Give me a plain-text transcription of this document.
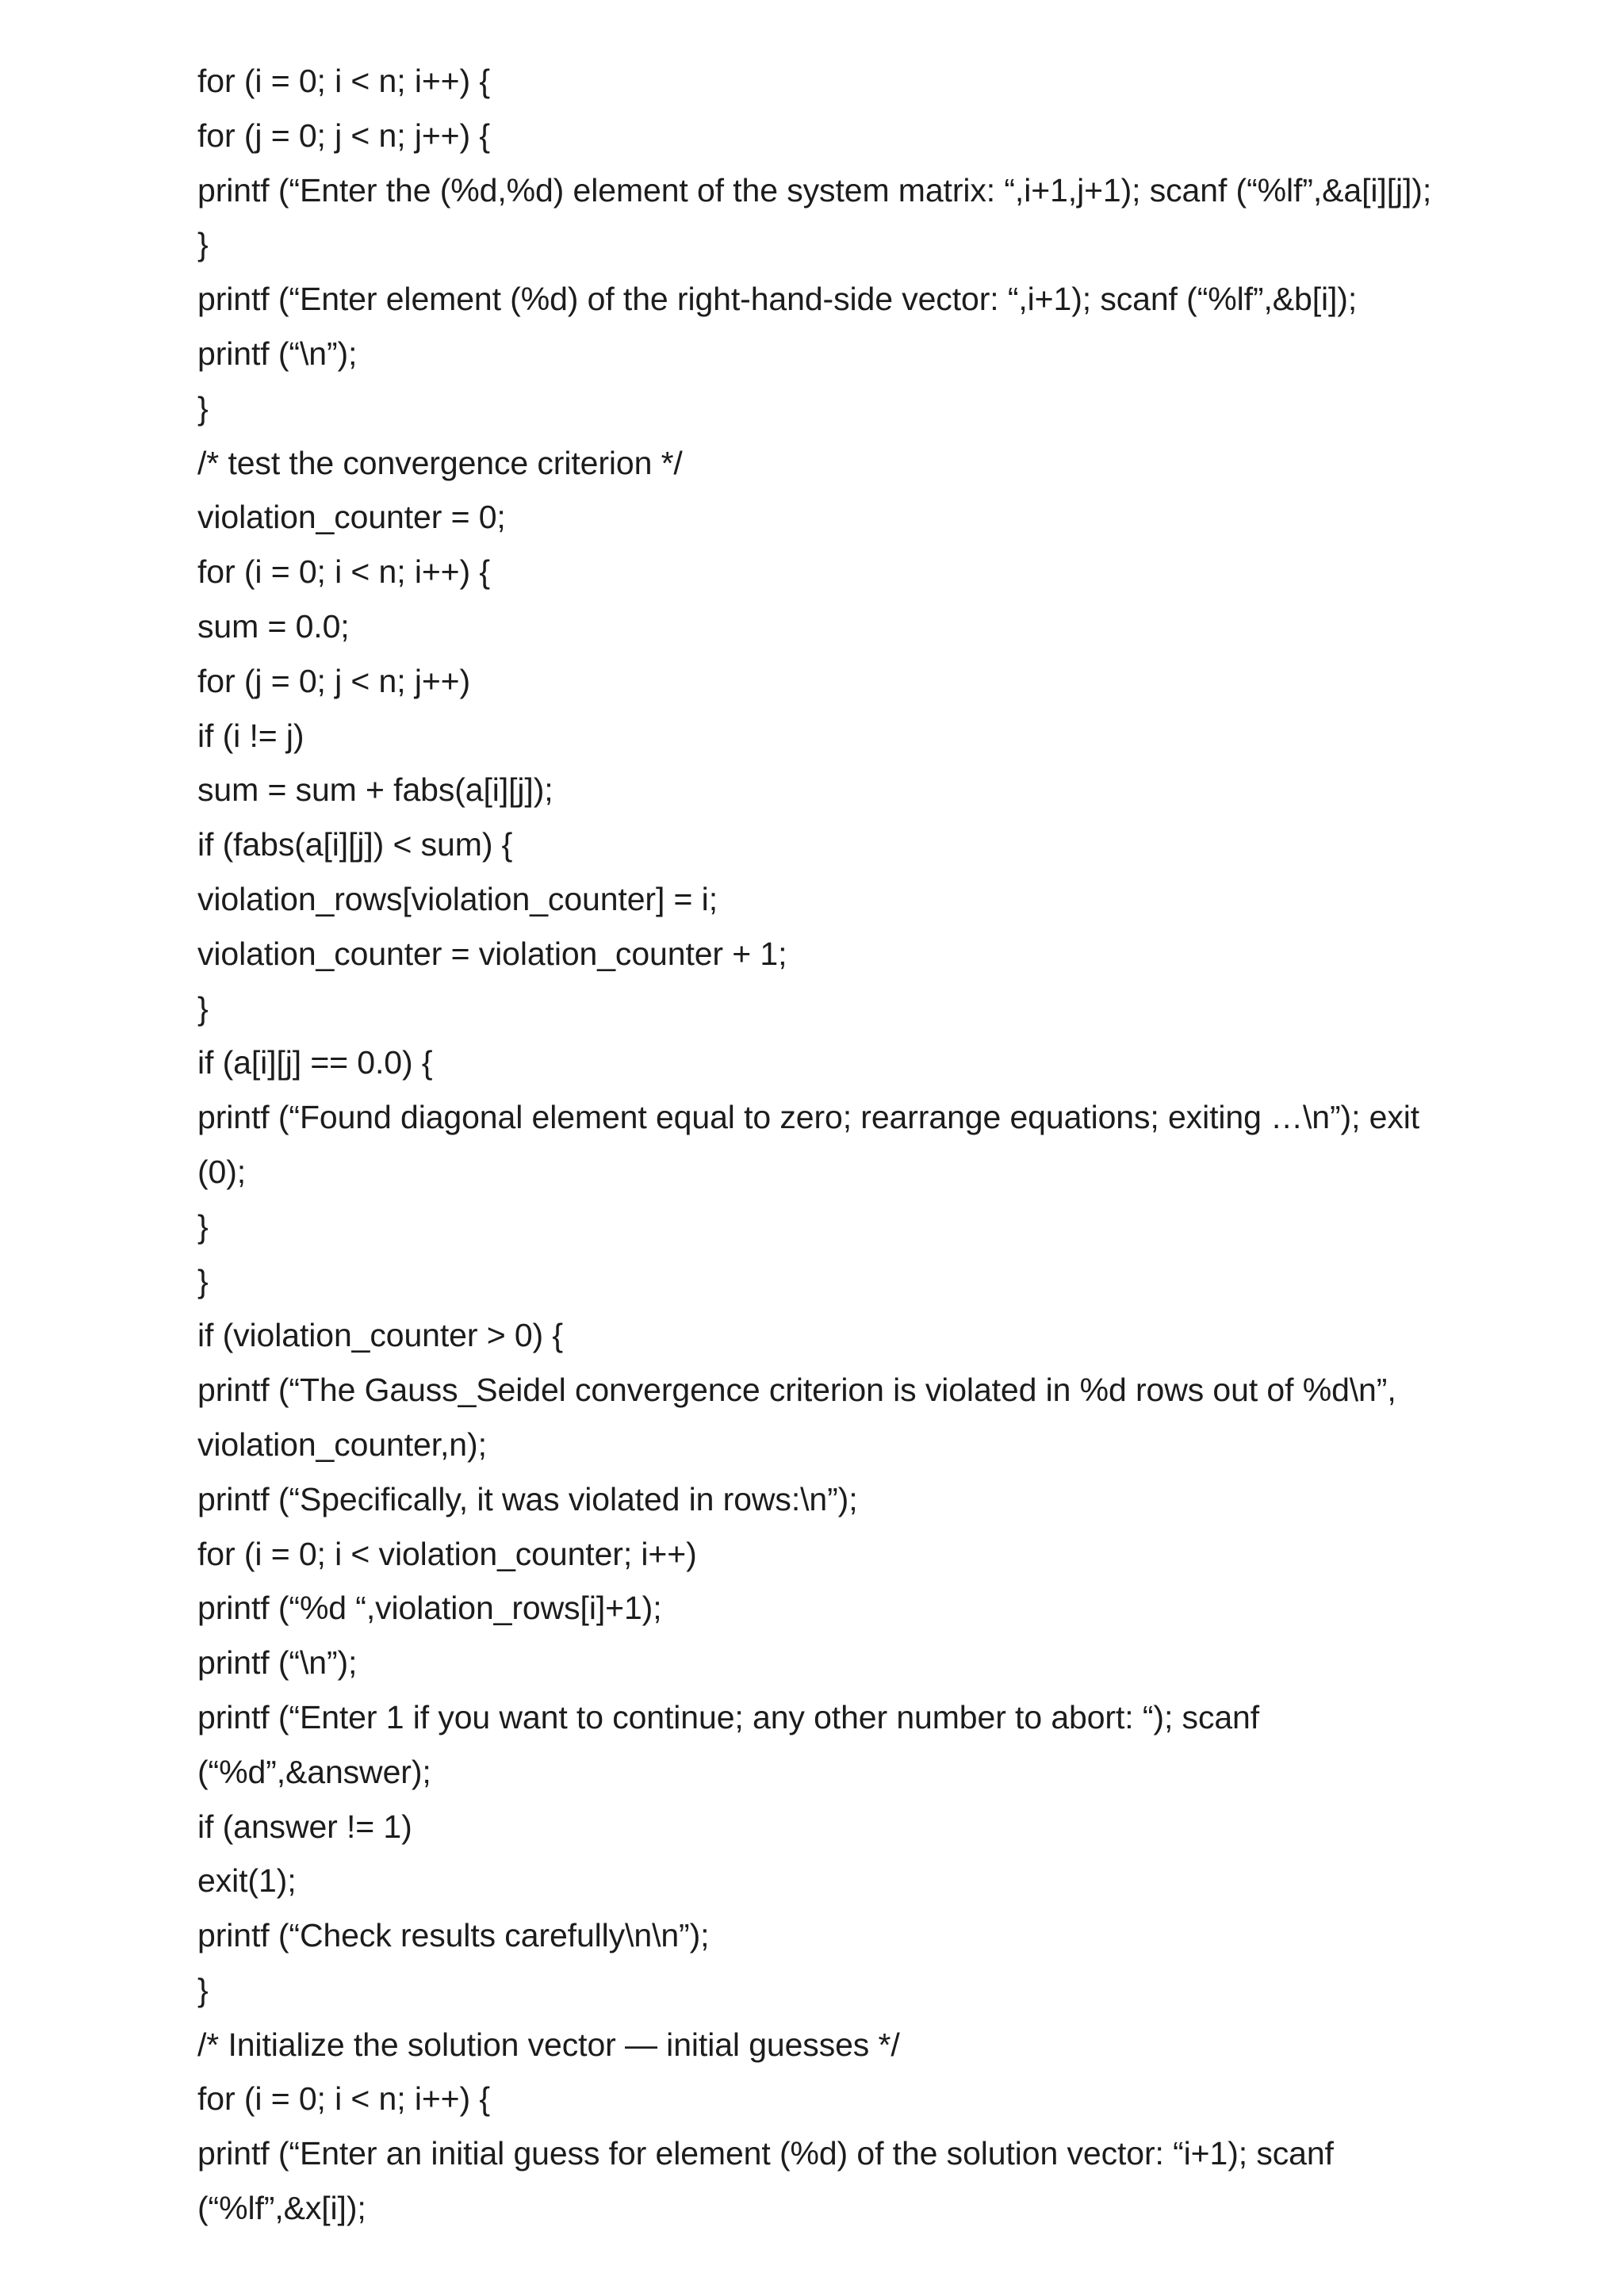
for (i = 0; i < n; i++) {
for (j = 0; j < n; j++) {
printf (“Enter the (%d,%d) element of the system matrix: “,i+1,j+1); scanf (“%lf”,&a[i][j]);
}
printf (“Enter element (%d) of the right-hand-side vector: “,i+1); scanf (“%lf”,&b[i]);
printf (“\n”);
}
/* test the convergence criterion */
violation_counter = 0;
for (i = 0; i < n; i++) {
sum = 0.0;
for (j = 0; j < n; j++)
if (i != j)
sum = sum + fabs(a[i][j]);
if (fabs(a[i][j]) < sum) {
violation_rows[violation_counter] = i;
violation_counter = violation_counter + 1;
}
if (a[i][j] == 0.0) {
printf (“Found diagonal element equal to zero; rearrange equations; exiting …\n”); exit
(0);
}
}
if (violation_counter > 0) {
printf (“The Gauss_Seidel convergence criterion is violated in %d rows out of %d\n”,
violation_counter,n);
printf (“Specifically, it was violated in rows:\n”);
for (i = 0; i < violation_counter; i++)
printf (“%d “,violation_rows[i]+1);
printf (“\n”);
printf (“Enter 1 if you want to continue; any other number to abort: “); scanf
(“%d”,&answer);
if (answer != 1)
exit(1);
printf (“Check results carefully\n\n”);
}
/* Initialize the solution vector — initial guesses */
for (i = 0; i < n; i++) {
printf (“Enter an initial guess for element (%d) of the solution vector: “i+1); scanf
(“%lf”,&x[i]);
